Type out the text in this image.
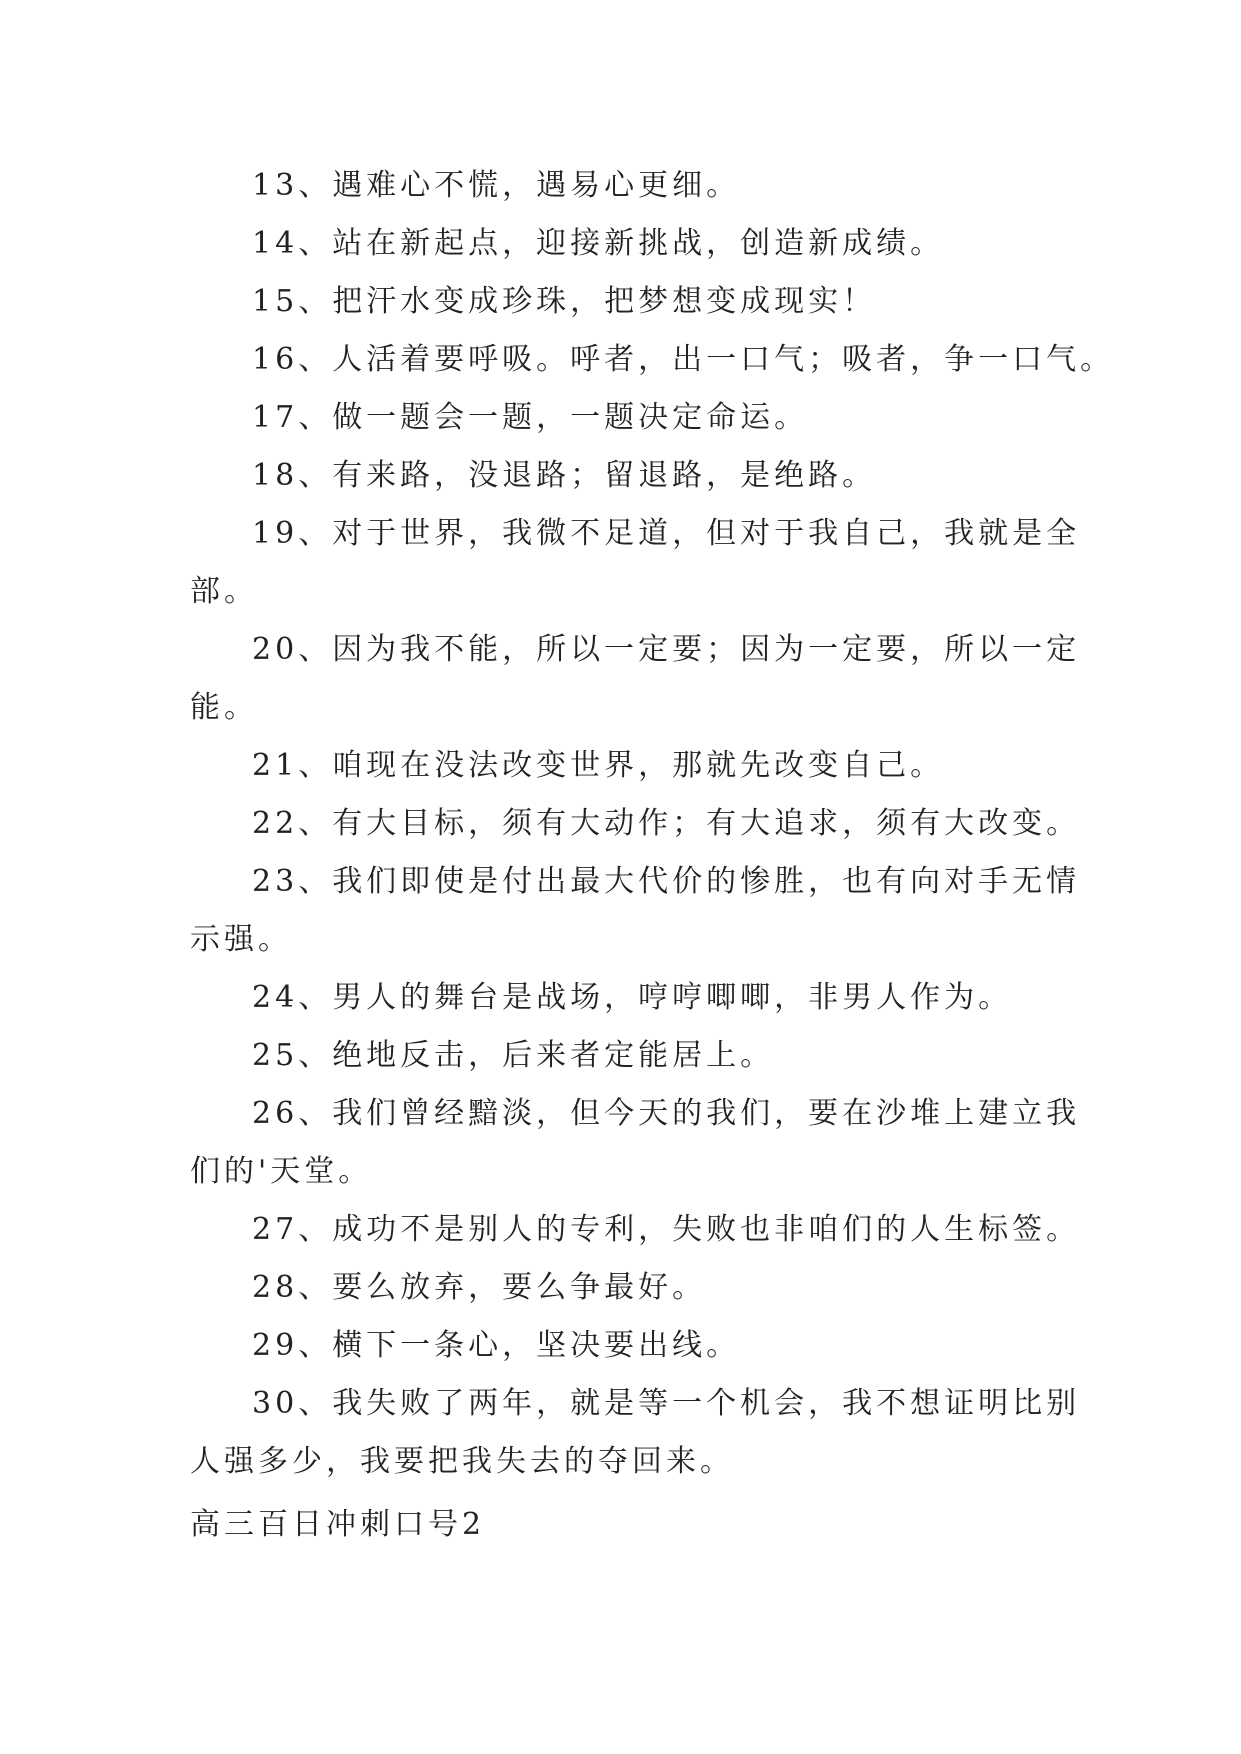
13、遇难心不慌，遇易心更细。
14、站在新起点，迎接新挑战，创造新成绩。
15、把汗水变成珍珠，把梦想变成现实！
16、人活着要呼吸。呼者，出一口气；吸者，争一口气。
17、做一题会一题，一题决定命运。
18、有来路，没退路；留退路，是绝路。
19、对于世界，我微不足道，但对于我自己，我就是全
部。
20、因为我不能，所以一定要；因为一定要，所以一定
能。
21、咱现在没法改变世界，那就先改变自己。
22、有大目标，须有大动作；有大追求，须有大改变。
23、我们即使是付出最大代价的惨胜，也有向对手无情
示强。
24、男人的舞台是战场，哼哼唧唧，非男人作为。
25、绝地反击，后来者定能居上。
26、我们曾经黯淡，但今天的我们，要在沙堆上建立我
们的'天堂。
27、成功不是别人的专利，失败也非咱们的人生标签。
28、要么放弃，要么争最好。
29、横下一条心，坚决要出线。
30、我失败了两年，就是等一个机会，我不想证明比别
人强多少，我要把我失去的夺回来。
高三百日冲刺口号2
